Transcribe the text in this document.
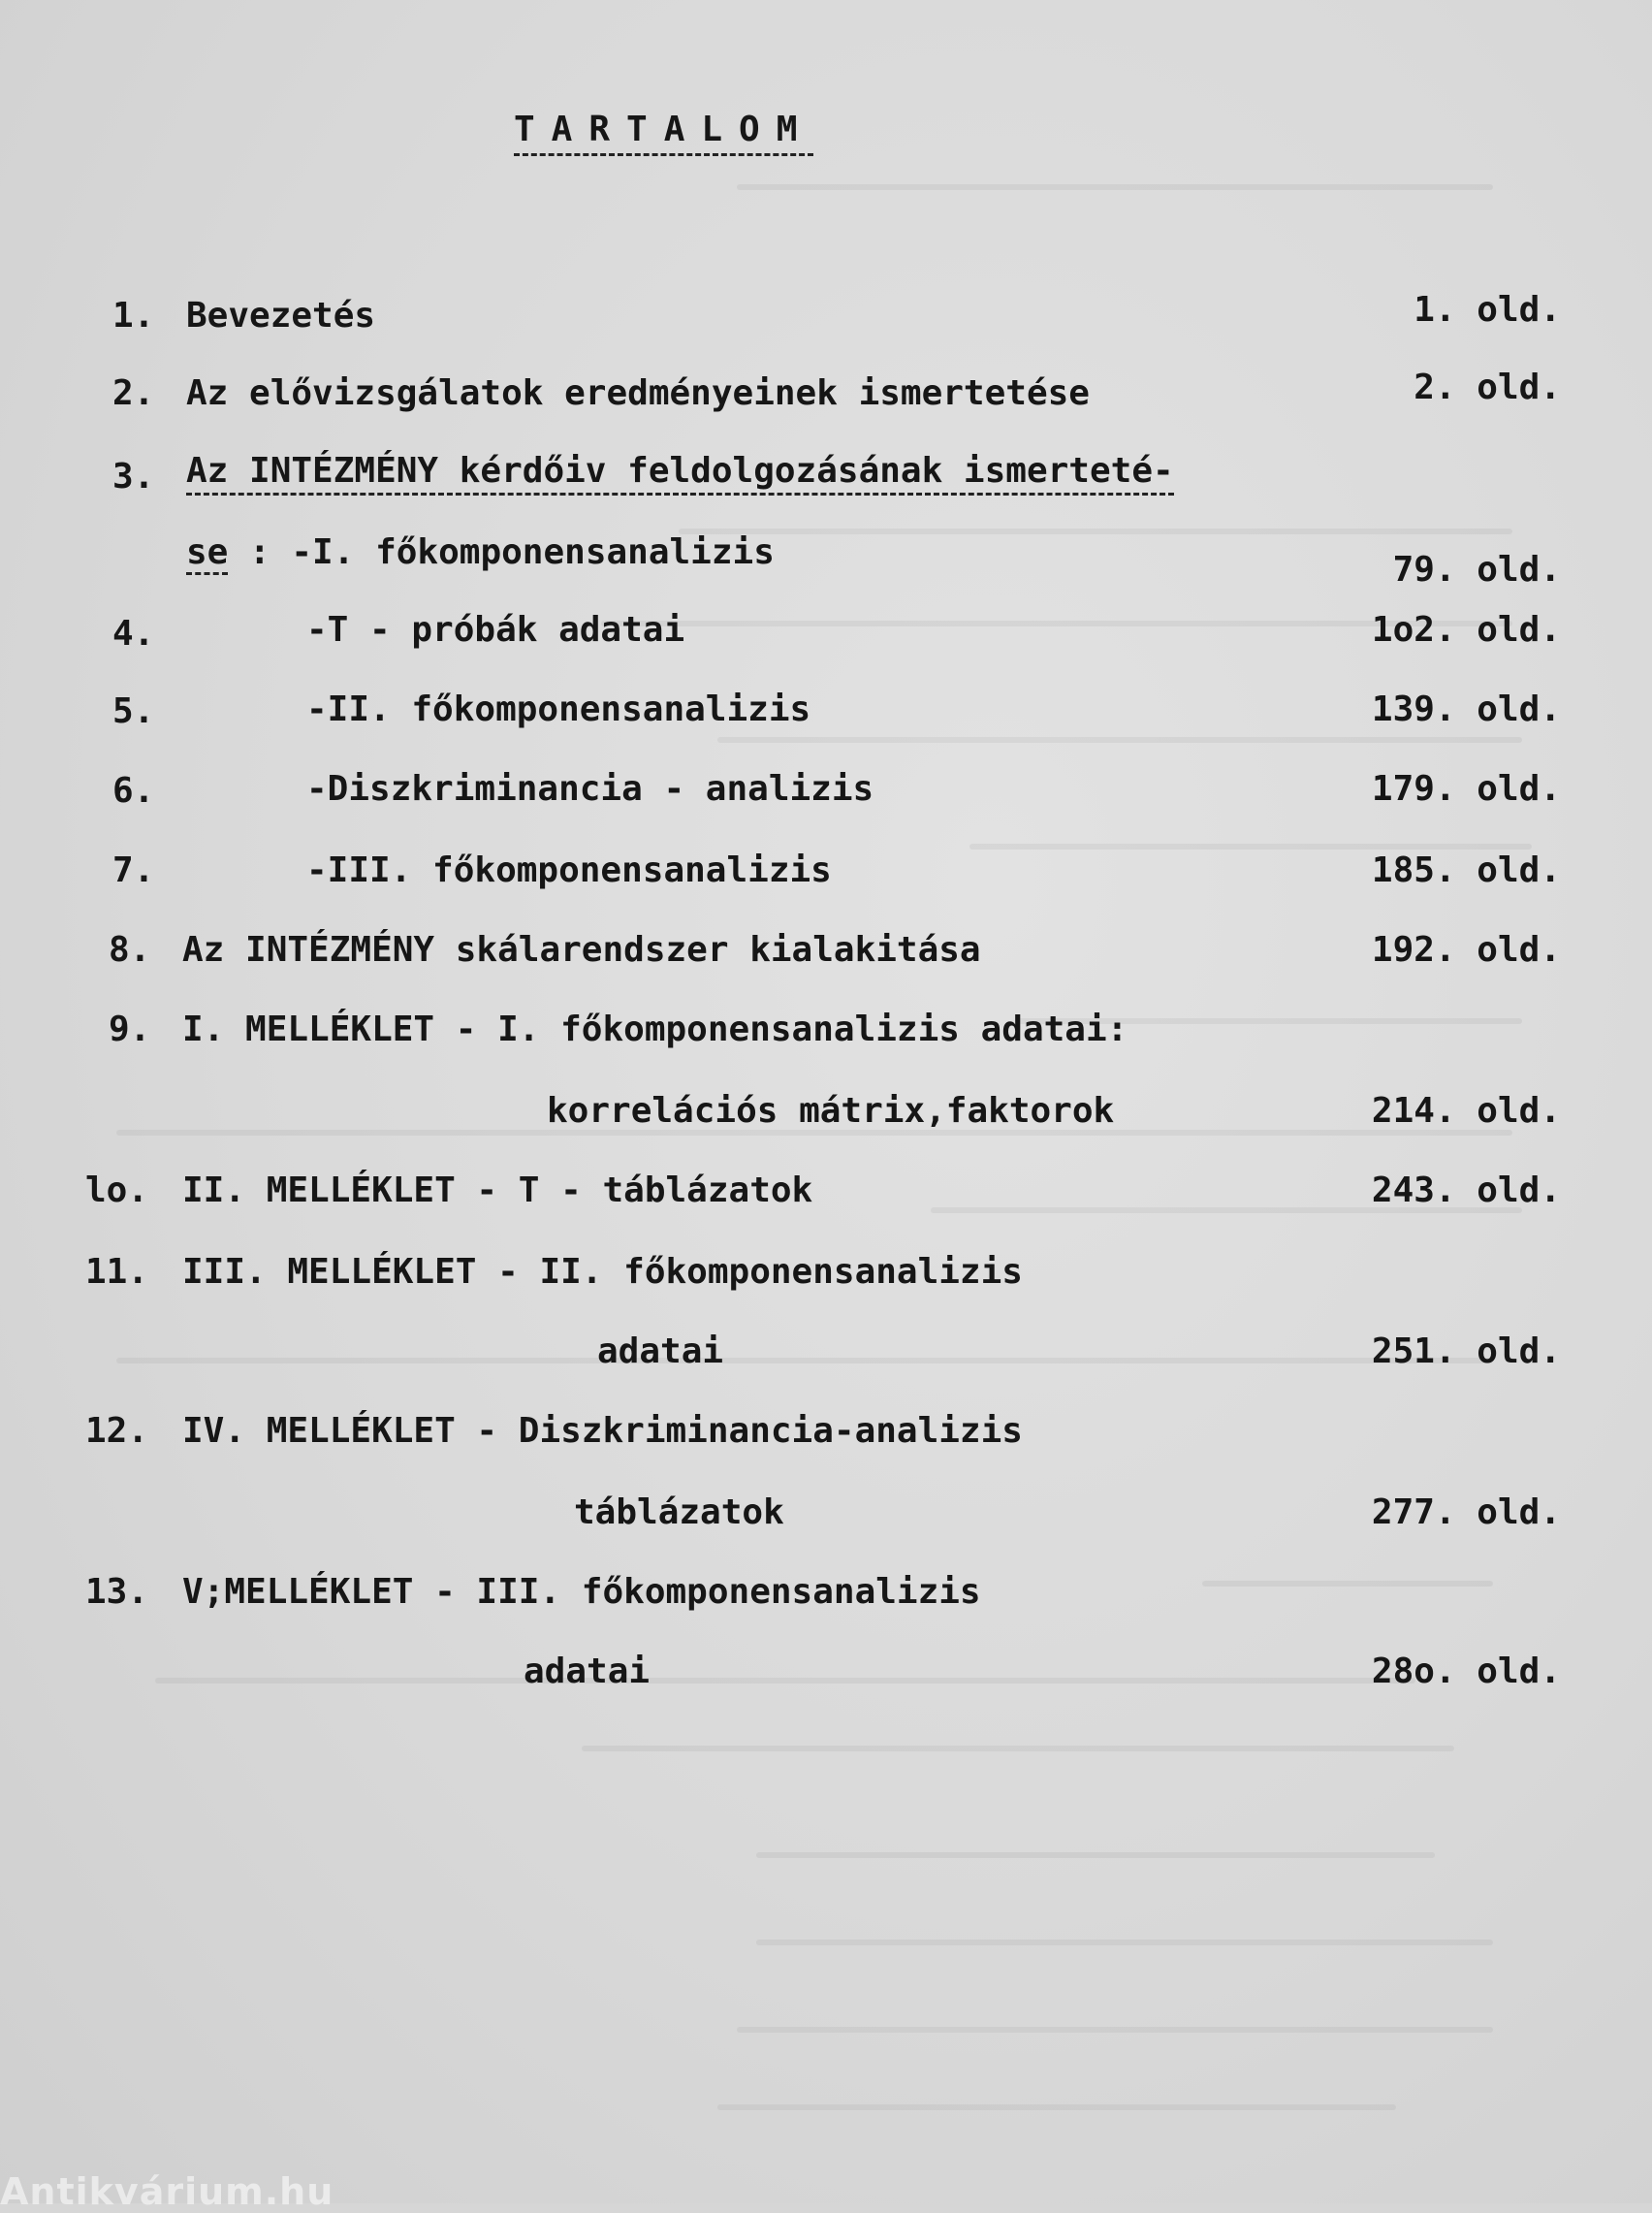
TARTALOM
1. Bevezetés	1. old.
2. Az elővizsgálatok eredményeinek ismertetése	2. old.
3. Az INTÉZMÉNY kérdőiv feldolgozásának ismerteté-
se : -I. főkomponensanalizis	79. old.
4.	-T - próbák adatai	1o2. old.
5.	-II. főkomponensanalizis	139. old.
6.	-Diszkriminancia - analizis	179. old.
7.	-III. főkomponensanalizis	185. old.
8. Az INTÉZMÉNY skálarendszer kialakitása	192. old.
9. I. MELLÉKLET - I. főkomponensanalizis adatai:
korrelációs mátrix,faktorok	214. old.
lo. II. MELLÉKLET - T - táblázatok	243. old.
11. III. MELLÉKLET - II. főkomponensanalizis
adatai	251. old.
12. IV. MELLÉKLET - Diszkriminancia-analizis
táblázatok	277. old.
13. V;MELLÉKLET - III. főkomponensanalizis
adatai	28o. old.
Antikvárium.hu
